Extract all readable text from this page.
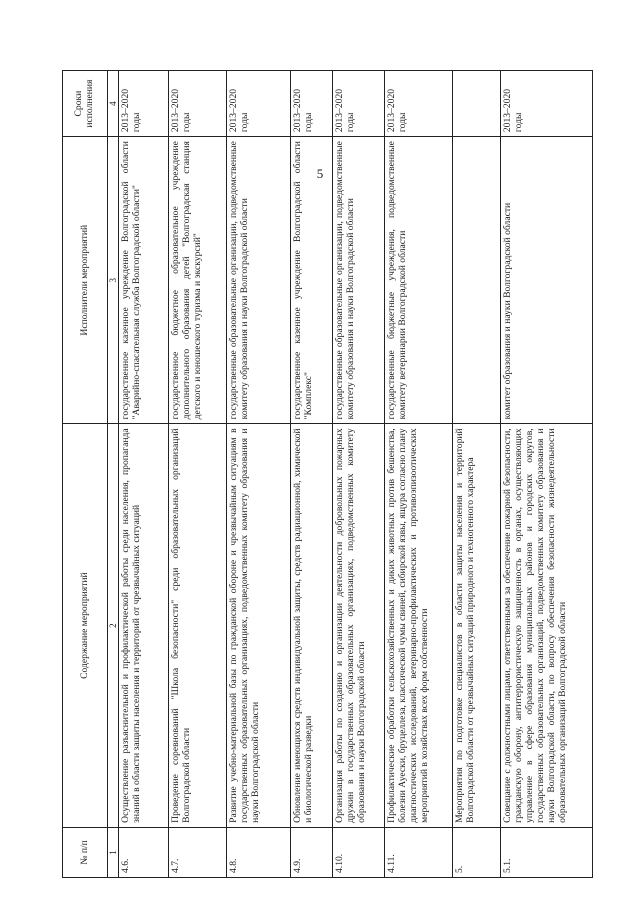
5
№ п/п	Содержание мероприятий	Исполнители мероприятий	Сроки исполнения
1	2	3	4
4.6.	Осуществление разъяснительной и профилактической работы среди населения, пропаганда знаний в области защиты населения и территорий от чрезвычайных ситуаций	государственное казенное учреждение Волгоградской области "Аварийно-спасательная служба Волгоградской области"	2013–2020 годы
4.7.	Проведение соревнований "Школа безопасности" среди образовательных организаций Волгоградской области	государственное бюджетное образовательное учреждение дополнительного образования детей "Волгоградская станция детского и юношеского туризма и экскурсий"	2013–2020 годы
4.8.	Развитие учебно-материальной базы по гражданской обороне и чрезвычайным ситуациям в государственных образовательных организациях, подведомственных комитету образования и науки Волгоградской области	государственные образовательные организации, подведомственные комитету образования и науки Волгоградской области	2013–2020 годы
4.9.	Обновление имеющихся средств индивидуальной защиты, средств радиационной, химической и биологической разведки	государственное казенное учреждение Волгоградской области "Комплекс"	2013–2020 годы
4.10.	Организация работы по созданию и организации деятельности добровольных пожарных дружин в государственных образовательных организациях, подведомственных комитету образования и науки Волгоградской области	государственные образовательные организации, подведомственные комитету образования и науки Волгоградской области	2013–2020 годы
4.11.	Профилактические обработки сельскохозяйственных и диких животных против бешенства, болезни Ауески, бруцеллеза, классической чумы свиней, сибирской язвы, ящура согласно плану диагностических исследований, ветеринарно-профилактических и противоэпизоотических мероприятий в хозяйствах всех форм собственности	государственные бюджетные учреждения, подведомственные комитету ветеринарии Волгоградской области	2013–2020 годы
5.	Мероприятия по подготовке специалистов в области защиты населения и территорий Волгоградской области от чрезвычайных ситуаций природного и техногенного характера		
5.1.	Совещание с должностными лицами, ответственными за обеспечение пожарной безопасности, гражданскую оборону, антитеррористическую защищенность в органах, осуществляющих управление в сфере образования муниципальных районов и городских округов, государственных образовательных организаций, подведомственных комитету образования и науки Волгоградской области, по вопросу обеспечения безопасности жизнедеятельности образовательных организаций Волгоградской области	комитет образования и науки Волгоградской области	2013–2020 годы
